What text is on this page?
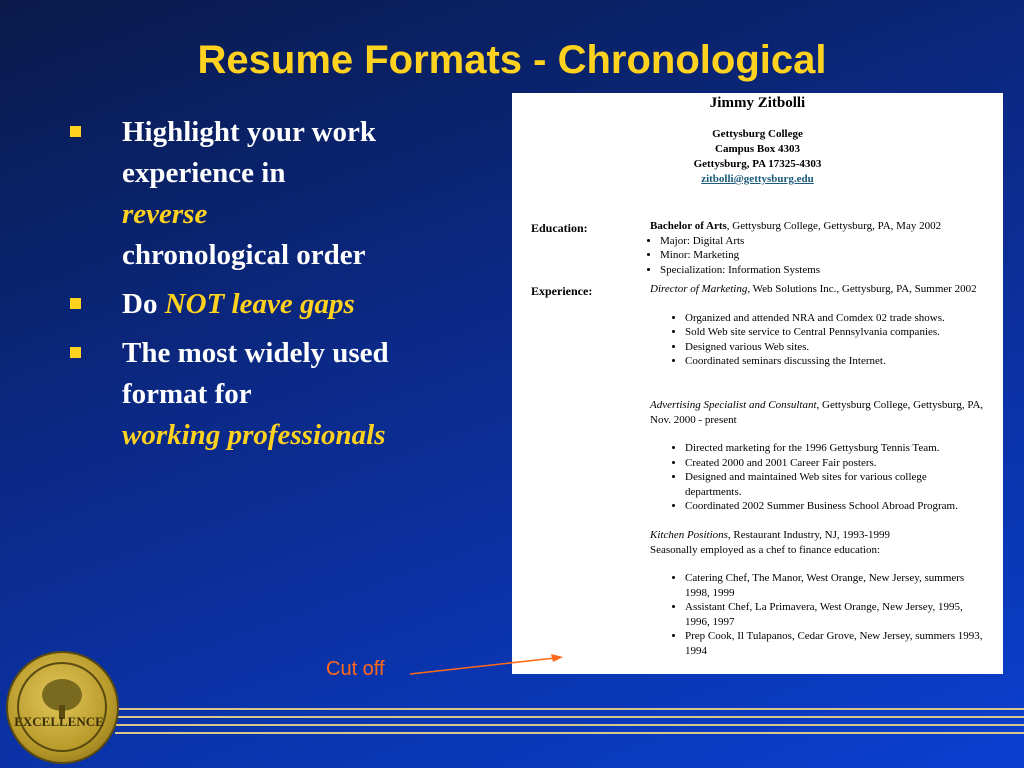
Resume Formats - Chronological
Highlight your work experience in
reverse
chronological order
Do NOT leave gaps
The most widely used format for
working professionals
Jimmy Zitbolli
Gettysburg College
Campus Box 4303
Gettysburg, PA 17325-4303
zitbolli@gettysburg.edu
Education:	Bachelor of Arts, Gettysburg College, Gettysburg, PA, May 2002
• Major: Digital Arts
• Minor: Marketing
• Specialization: Information Systems
Experience:	Director of Marketing, Web Solutions Inc., Gettysburg, PA, Summer 2002
• Organized and attended NRA and Comdex 02 trade shows.
• Sold Web site service to Central Pennsylvania companies.
• Designed various Web sites.
• Coordinated seminars discussing the Internet.
Advertising Specialist and Consultant, Gettysburg College, Gettysburg, PA, Nov. 2000 - present
• Directed marketing for the 1996 Gettysburg Tennis Team.
• Created 2000 and 2001 Career Fair posters.
• Designed and maintained Web sites for various college departments.
• Coordinated 2002 Summer Business School Abroad Program.
Kitchen Positions, Restaurant Industry, NJ, 1993-1999
Seasonally employed as a chef to finance education:
• Catering Chef, The Manor, West Orange, New Jersey, summers 1998, 1999
• Assistant Chef, La Primavera, West Orange, New Jersey, 1995, 1996, 1997
• Prep Cook, Il Tulapanos, Cedar Grove, New Jersey, summers 1993, 1994
Cut off
EXCELLENCE
